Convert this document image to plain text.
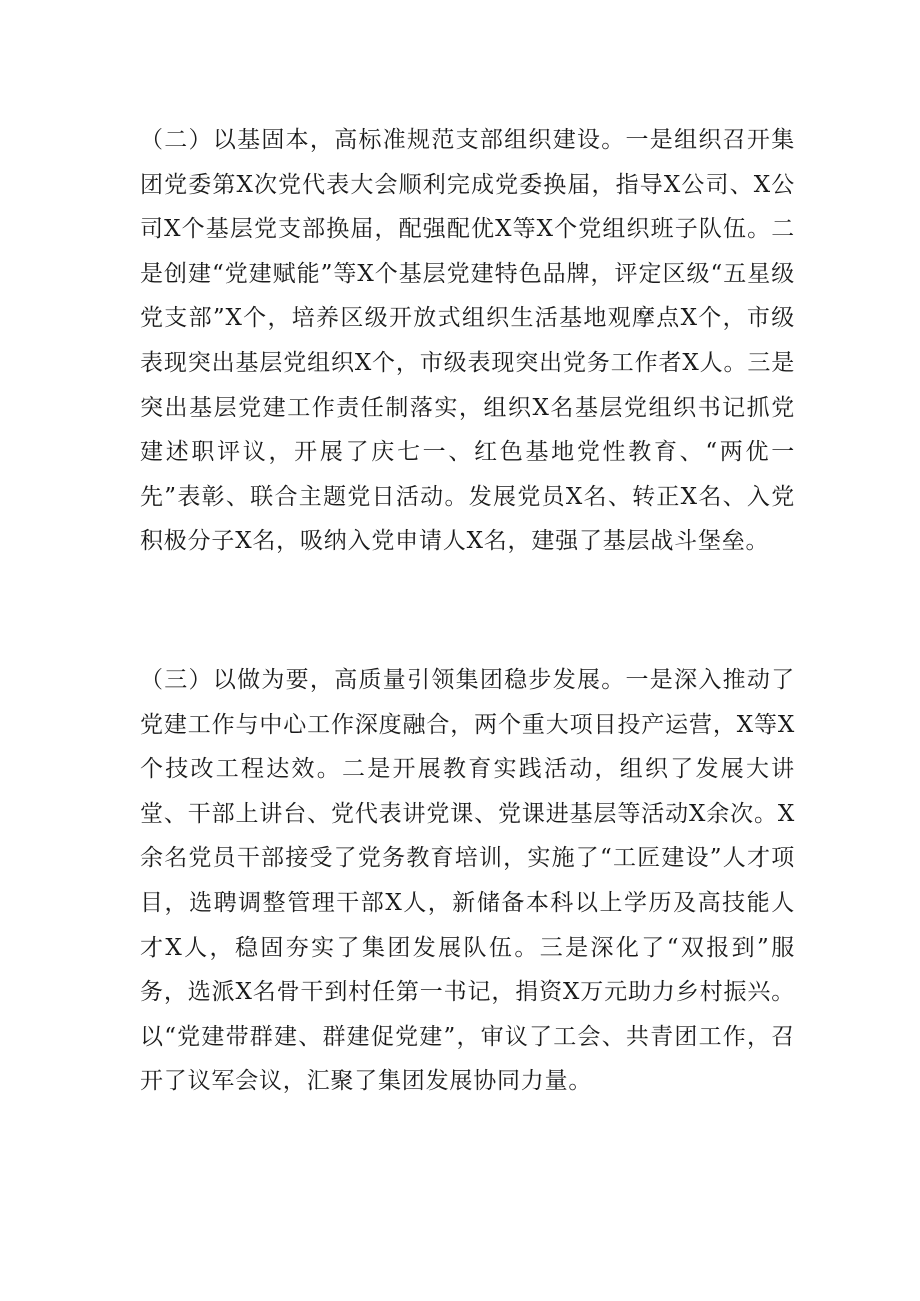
（二）以基固本，高标准规范支部组织建设。一是组织召开集团党委第X次党代表大会顺利完成党委换届，指导X公司、X公司X个基层党支部换届，配强配优X等X个党组织班子队伍。二是创建“党建赋能”等X个基层党建特色品牌，评定区级“五星级党支部”X个，培养区级开放式组织生活基地观摩点X个，市级表现突出基层党组织X个，市级表现突出党务工作者X人。三是突出基层党建工作责任制落实，组织X名基层党组织书记抓党建述职评议，开展了庆七一、红色基地党性教育、“两优一先”表彰、联合主题党日活动。发展党员X名、转正X名、入党积极分子X名，吸纳入党申请人X名，建强了基层战斗堡垒。

（三）以做为要，高质量引领集团稳步发展。一是深入推动了党建工作与中心工作深度融合，两个重大项目投产运营，X等X个技改工程达效。二是开展教育实践活动，组织了发展大讲堂、干部上讲台、党代表讲党课、党课进基层等活动X余次。X余名党员干部接受了党务教育培训，实施了“工匠建设”人才项目，选聘调整管理干部X人，新储备本科以上学历及高技能人才X人，稳固夯实了集团发展队伍。三是深化了“双报到”服务，选派X名骨干到村任第一书记，捐资X万元助力乡村振兴。以“党建带群建、群建促党建”，审议了工会、共青团工作，召开了议军会议，汇聚了集团发展协同力量。
